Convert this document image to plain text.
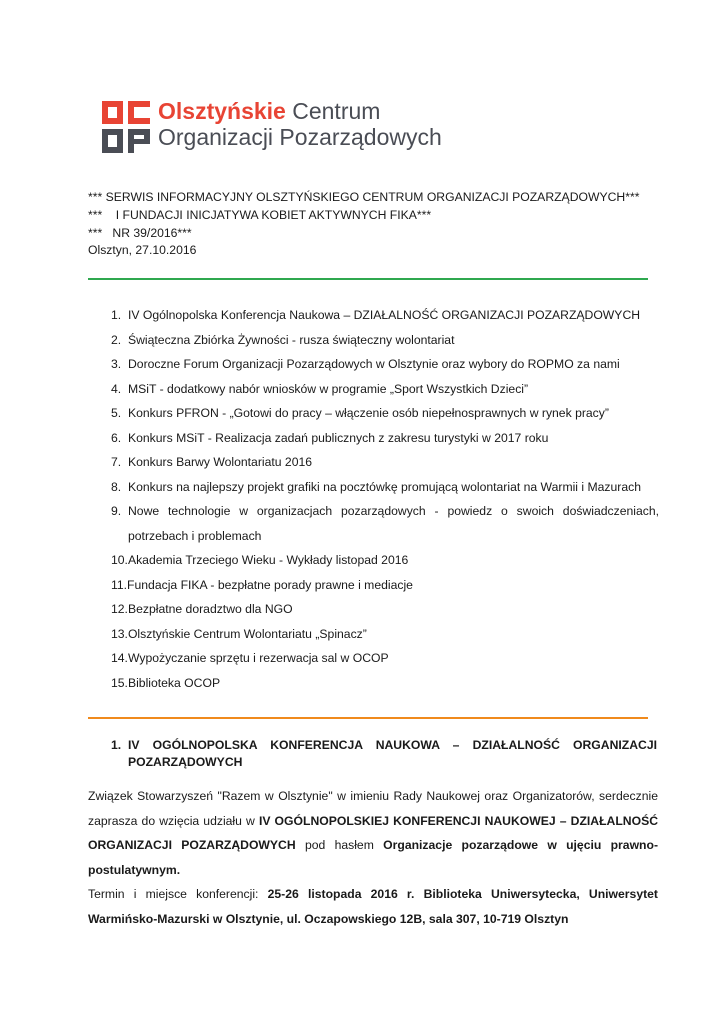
Olsztyńskie Centrum
Organizacji Pozarządowych
*** SERWIS INFORMACYJNY OLSZTYŃSKIEGO CENTRUM ORGANIZACJI POZARZĄDOWYCH***
***    I FUNDACJI INICJATYWA KOBIET AKTYWNYCH FIKA***
***   NR 39/2016***
Olsztyn, 27.10.2016
1. IV Ogólnopolska Konferencja Naukowa – DZIAŁALNOŚĆ ORGANIZACJI POZARZĄDOWYCH
2. Świąteczna Zbiórka Żywności - rusza świąteczny wolontariat
3. Doroczne Forum Organizacji Pozarządowych w Olsztynie oraz wybory do ROPMO za nami
4. MSiT - dodatkowy nabór wniosków w programie „Sport Wszystkich Dzieci”
5. Konkurs PFRON - „Gotowi do pracy – włączenie osób niepełnosprawnych w rynek pracy”
6. Konkurs MSiT - Realizacja zadań publicznych z zakresu turystyki w 2017 roku
7. Konkurs Barwy Wolontariatu 2016
8. Konkurs na najlepszy projekt grafiki na pocztówkę promującą wolontariat na Warmii i Mazurach
9. Nowe technologie w organizacjach pozarządowych - powiedz o swoich doświadczeniach,
potrzebach i problemach
10.Akademia Trzeciego Wieku - Wykłady listopad 2016
11.Fundacja FIKA - bezpłatne porady prawne i mediacje
12.Bezpłatne doradztwo dla NGO
13.Olsztyńskie Centrum Wolontariatu „Spinacz”
14.Wypożyczanie sprzętu i rezerwacja sal w OCOP
15.Biblioteka OCOP
1. IV OGÓLNOPOLSKA KONFERENCJA NAUKOWA – DZIAŁALNOŚĆ ORGANIZACJI
POZARZĄDOWYCH
Związek Stowarzyszeń "Razem w Olsztynie" w imieniu Rady Naukowej oraz Organizatorów, serdecznie
zaprasza do wzięcia udziału w IV OGÓLNOPOLSKIEJ KONFERENCJI NAUKOWEJ – DZIAŁALNOŚĆ
ORGANIZACJI POZARZĄDOWYCH pod hasłem Organizacje pozarządowe w ujęciu prawno-
postulatywnym.
Termin i miejsce konferencji: 25-26 listopada 2016 r. Biblioteka Uniwersytecka, Uniwersytet
Warmińsko-Mazurski w Olsztynie, ul. Oczapowskiego 12B, sala 307, 10-719 Olsztyn
